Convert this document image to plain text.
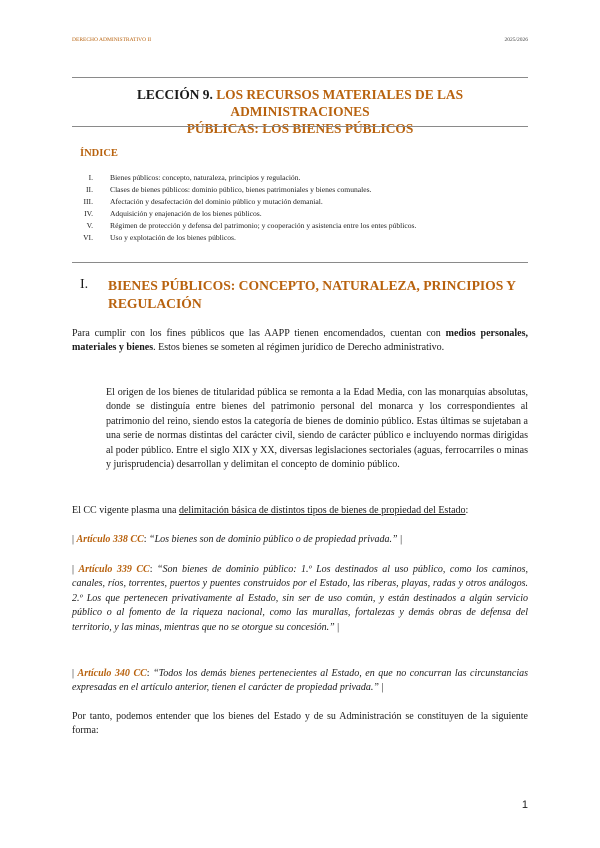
DERECHO ADMINISTRATIVO II	2025/2026
LECCIÓN 9. LOS RECURSOS MATERIALES DE LAS ADMINISTRACIONES
PÚBLICAS: LOS BIENES PÚBLICOS
ÍNDICE
I. Bienes públicos: concepto, naturaleza, principios y regulación.
II. Clases de bienes públicos: dominio público, bienes patrimoniales y bienes comunales.
III. Afectación y desafectación del dominio público y mutación demanial.
IV. Adquisición y enajenación de los bienes públicos.
V. Régimen de protección y defensa del patrimonio; y cooperación y asistencia entre los entes públicos.
VI. Uso y explotación de los bienes públicos.
I. BIENES PÚBLICOS: CONCEPTO, NATURALEZA, PRINCIPIOS Y
REGULACIÓN
Para cumplir con los fines públicos que las AAPP tienen encomendados, cuentan con medios personales, materiales y bienes. Estos bienes se someten al régimen jurídico de Derecho administrativo.
El origen de los bienes de titularidad pública se remonta a la Edad Media, con las monarquías absolutas, donde se distinguía entre bienes del patrimonio personal del monarca y los correspondientes al patrimonio del reino, siendo estos la categoría de bienes de dominio público. Estas últimas se sujetaban a una serie de normas distintas del carácter civil, siendo de carácter público e incluyendo normas dirigidas al poder público. Entre el siglo XIX y XX, diversas legislaciones sectoriales (aguas, ferrocarriles o minas y jurisprudencia) desarrollan y delimitan el concepto de dominio público.
El CC vigente plasma una delimitación básica de distintos tipos de bienes de propiedad del Estado:
| Artículo 338 CC: “Los bienes son de dominio público o de propiedad privada.” |
| Artículo 339 CC: “Son bienes de dominio público: 1.º Los destinados al uso público, como los caminos, canales, ríos, torrentes, puertos y puentes construidos por el Estado, las riberas, playas, radas y otros análogos. 2.º Los que pertenecen privativamente al Estado, sin ser de uso común, y están destinados a algún servicio público o al fomento de la riqueza nacional, como las murallas, fortalezas y demás obras de defensa del territorio, y las minas, mientras que no se otorgue su concesión.” |
| Artículo 340 CC: “Todos los demás bienes pertenecientes al Estado, en que no concurran las circunstancias expresadas en el artículo anterior, tienen el carácter de propiedad privada.” |
Por tanto, podemos entender que los bienes del Estado y de su Administración se constituyen de la siguiente forma:
1
